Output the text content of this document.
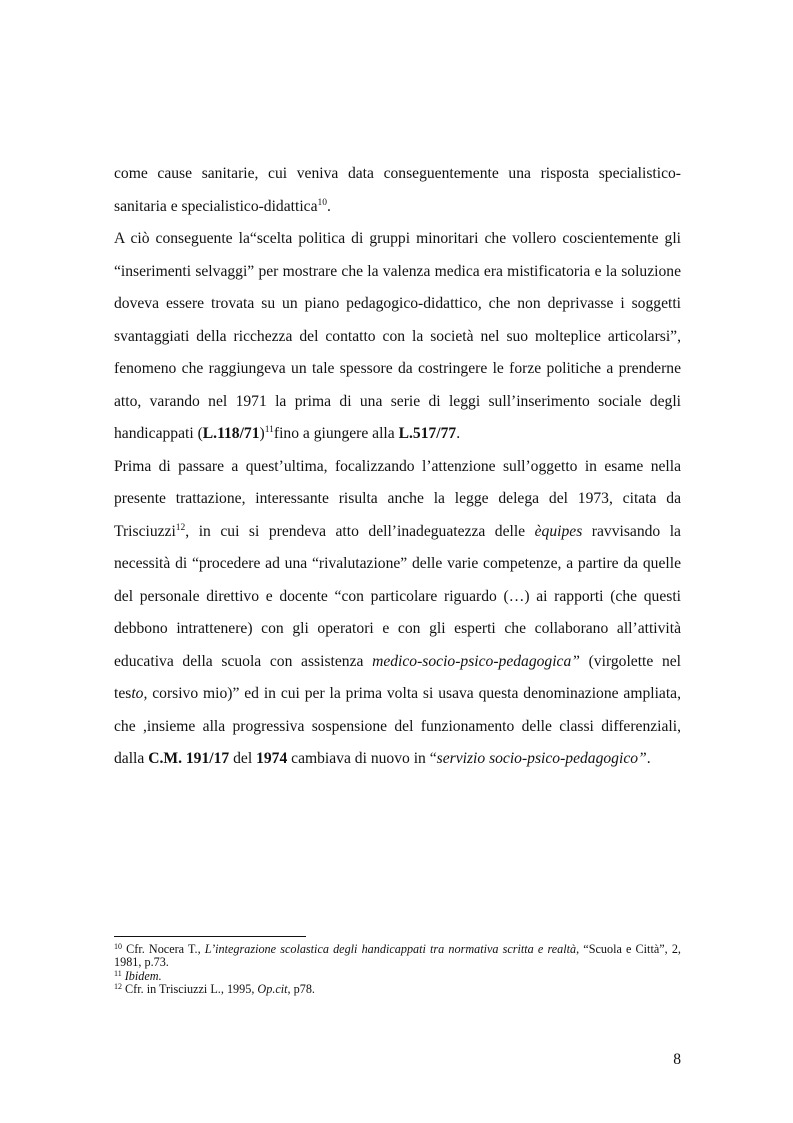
come cause sanitarie, cui veniva data conseguentemente una risposta specialistico-sanitaria e specialistico-didattica$^{10}$.

A ciò conseguente la“scelta politica di gruppi minoritari che vollero coscientemente gli “inserimenti selvaggi” per mostrare che la valenza medica era mistificatoria e la soluzione doveva essere trovata su un piano pedagogico-didattico, che non deprivasse i soggetti svantaggiati della ricchezza del contatto con la società nel suo molteplice articolarsi”, fenomeno che raggiungeva un tale spessore da costringere le forze politiche a prenderne atto, varando nel 1971 la prima di una serie di leggi sull’inserimento sociale degli handicappati $(L.118/71)^{11}fino$ a giungere alla L.517/77.

Prima di passare a quest’ultima, focalizzando l’attenzione sull’oggetto in esame nella presente trattazione, interessante risulta anche la legge delega del 1973, citata da Trisciuzzi$^{12}$, in cui si prendeva atto dell’inadeguatezza delle èquipes ravvisando la necessità di “procedere ad una “rivalutazione” delle varie competenze, a partire da quelle del personale direttivo e docente “con particolare riguardo (…) ai rapporti (che questi debbono intrattenere) con gli operatori e con gli esperti che collaborano all’attività educativa della scuola con assistenza medico-socio-psico-pedagogica” (virgolette nel testo, corsivo mio)” ed in cui per la prima volta si usava questa denominazione ampliata, che ,insieme alla progressiva sospensione del funzionamento delle classi differenziali, dalla C.M. 191/17 del 1974 cambiava di nuovo in “servizio socio-psico-pedagogico”.

$^{10}$ Cfr. Nocera T., L’integrazione scolastica degli handicappati tra normativa scritta e realtà, “Scuola e Città”, 2, 1981, p.73.

$^{11}$ Ibidem.

$^{12}$ Cfr. in Trisciuzzi L., 1995, Op.cit, p78.

8
